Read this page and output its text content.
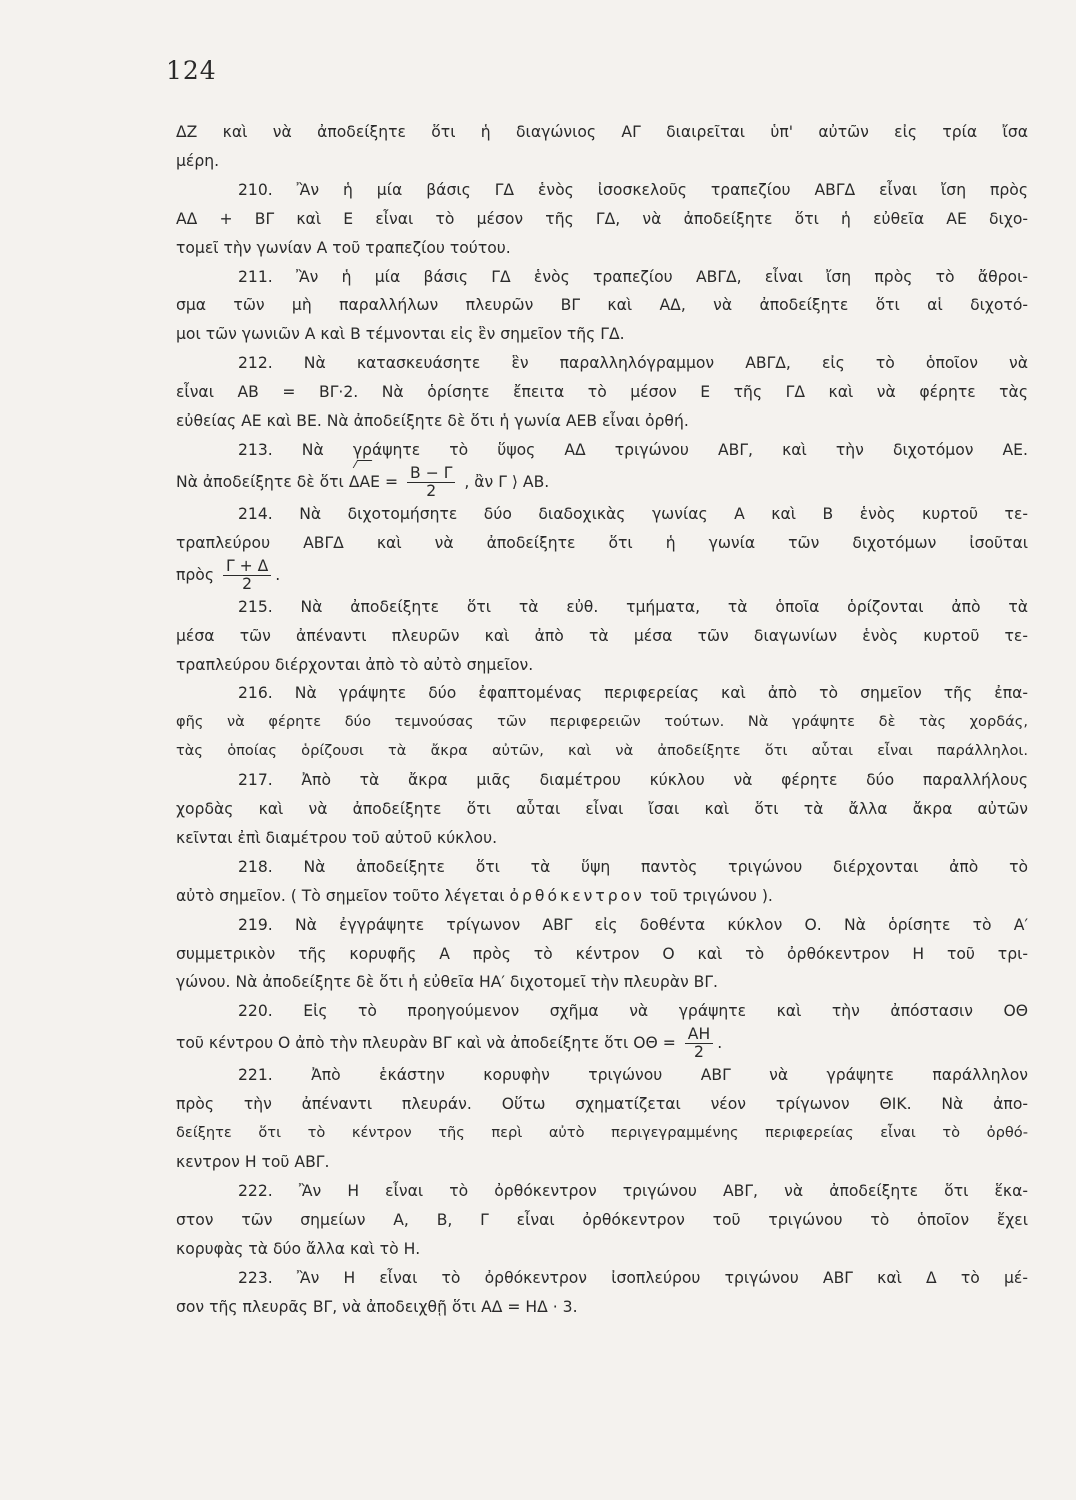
124
ΔΖ καὶ νὰ ἀποδείξητε ὅτι ἡ διαγώνιος ΑΓ διαιρεῖται ὑπ' αὐτῶν εἰς τρία ἴσα
μέρη.
210. Ἂν ἡ μία βάσις ΓΔ ἑνὸς ἰσοσκελοῦς τραπεζίου ΑΒΓΔ εἶναι ἴση πρὸς
ΑΔ + ΒΓ καὶ Ε εἶναι τὸ μέσον τῆς ΓΔ, νὰ ἀποδείξητε ὅτι ἡ εὐθεῖα ΑΕ διχο-
τομεῖ τὴν γωνίαν Α τοῦ τραπεζίου τούτου.
211. Ἂν ἡ μία βάσις ΓΔ ἑνὸς τραπεζίου ΑΒΓΔ, εἶναι ἴση πρὸς τὸ ἄθροι-
σμα τῶν μὴ παραλλήλων πλευρῶν ΒΓ καὶ ΑΔ, νὰ ἀποδείξητε ὅτι αἱ διχοτό-
μοι τῶν γωνιῶν Α καὶ Β τέμνονται εἰς ἓν σημεῖον τῆς ΓΔ.
212. Νὰ κατασκευάσητε ἓν παραλληλόγραμμον ΑΒΓΔ, εἰς τὸ ὁποῖον νὰ
εἶναι ΑΒ = ΒΓ·2. Νὰ ὁρίσητε ἔπειτα τὸ μέσον Ε τῆς ΓΔ καὶ νὰ φέρητε τὰς
εὐθείας ΑΕ καὶ ΒΕ. Νὰ ἀποδείξητε δὲ ὅτι ἡ γωνία ΑΕΒ εἶναι ὀρθή.
213. Νὰ γράψητε τὸ ὕψος ΑΔ τριγώνου ΑΒΓ, καὶ τὴν διχοτόμον ΑΕ.
Νὰ ἀποδείξητε δὲ ὅτι $\Delta AE = \frac{B - \Gamma}{2}$ , ἂν Γ ⟩ ΑΒ.
214. Νὰ διχοτομήσητε δύο διαδοχικὰς γωνίας Α καὶ Β ἑνὸς κυρτοῦ τε-
τραπλεύρου ΑΒΓΔ καὶ νὰ ἀποδείξητε ὅτι ἡ γωνία τῶν διχοτόμων ἰσοῦται
πρὸς $\frac{\Gamma + \Delta}{2}$ .
215. Νὰ ἀποδείξητε ὅτι τὰ εὐθ. τμήματα, τὰ ὁποῖα ὁρίζονται ἀπὸ τὰ
μέσα τῶν ἀπέναντι πλευρῶν καὶ ἀπὸ τὰ μέσα τῶν διαγωνίων ἑνὸς κυρτοῦ τε-
τραπλεύρου διέρχονται ἀπὸ τὸ αὐτὸ σημεῖον.
216. Νὰ γράψητε δύο ἐφαπτομένας περιφερείας καὶ ἀπὸ τὸ σημεῖον τῆς ἐπα-
φῆς νὰ φέρητε δύο τεμνούσας τῶν περιφερειῶν τούτων. Νὰ γράψητε δὲ τὰς χορδάς,
τὰς ὁποίας ὁρίζουσι τὰ ἄκρα αὐτῶν, καὶ νὰ ἀποδείξητε ὅτι αὗται εἶναι παράλληλοι.
217. Ἀπὸ τὰ ἄκρα μιᾶς διαμέτρου κύκλου νὰ φέρητε δύο παραλλήλους
χορδὰς καὶ νὰ ἀποδείξητε ὅτι αὗται εἶναι ἴσαι καὶ ὅτι τὰ ἄλλα ἄκρα αὐτῶν
κεῖνται ἐπὶ διαμέτρου τοῦ αὐτοῦ κύκλου.
218. Νὰ ἀποδείξητε ὅτι τὰ ὕψη παντὸς τριγώνου διέρχονται ἀπὸ τὸ
αὐτὸ σημεῖον. ( Τὸ σημεῖον τοῦτο λέγεται ὀρθόκεντρον τοῦ τριγώνου ).
219. Νὰ ἐγγράψητε τρίγωνον ΑΒΓ εἰς δοθέντα κύκλον Ο. Νὰ ὁρίσητε τὸ Α′
συμμετρικὸν τῆς κορυφῆς Α πρὸς τὸ κέντρον Ο καὶ τὸ ὀρθόκεντρον Η τοῦ τρι-
γώνου. Νὰ ἀποδείξητε δὲ ὅτι ἡ εὐθεῖα ΗΑ′ διχοτομεῖ τὴν πλευρὰν ΒΓ.
220. Εἰς τὸ προηγούμενον σχῆμα νὰ γράψητε καὶ τὴν ἀπόστασιν ΟΘ
τοῦ κέντρου Ο ἀπὸ τὴν πλευρὰν ΒΓ καὶ νὰ ἀποδείξητε ὅτι $O\Theta = \frac{AH}{2}$ .
221. Ἀπὸ ἑκάστην κορυφὴν τριγώνου ΑΒΓ νὰ γράψητε παράλληλον
πρὸς τὴν ἀπέναντι πλευράν. Οὕτω σχηματίζεται νέον τρίγωνον ΘΙΚ. Νὰ ἀπο-
δείξητε ὅτι τὸ κέντρον τῆς περὶ αὐτὸ περιγεγραμμένης περιφερείας εἶναι τὸ ὀρθό-
κεντρον Η τοῦ ΑΒΓ.
222. Ἂν Η εἶναι τὸ ὀρθόκεντρον τριγώνου ΑΒΓ, νὰ ἀποδείξητε ὅτι ἕκα-
στον τῶν σημείων Α, Β, Γ εἶναι ὀρθόκεντρον τοῦ τριγώνου τὸ ὁποῖον ἔχει
κορυφὰς τὰ δύο ἄλλα καὶ τὸ Η.
223. Ἂν Η εἶναι τὸ ὀρθόκεντρον ἰσοπλεύρου τριγώνου ΑΒΓ καὶ Δ τὸ μέ-
σον τῆς πλευρᾶς ΒΓ, νὰ ἀποδειχθῇ ὅτι ΑΔ = ΗΔ · 3.
